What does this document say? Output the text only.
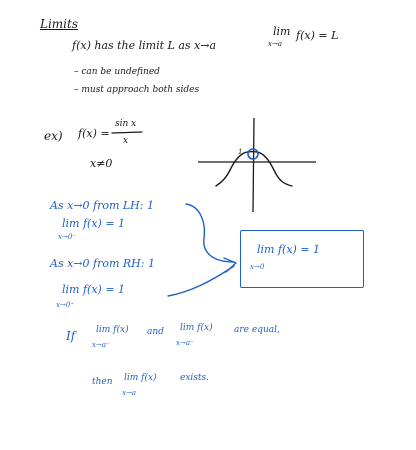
Limits
f(x) has the limit L as x→a
lim
x→a
f(x) = L
– can be undefined
– must approach both sides
ex) f(x) =
sin x
x
x≠0
1
As x→0 from LH: 1
lim f(x) = 1
x→0⁻
As x→0 from RH: 1
lim f(x) = 1
x→0⁺
lim f(x) = 1
x→0
If lim f(x)
x→a⁻
and lim f(x)
x→a⁻
are equal,
then lim f(x)
x→a
exists.
